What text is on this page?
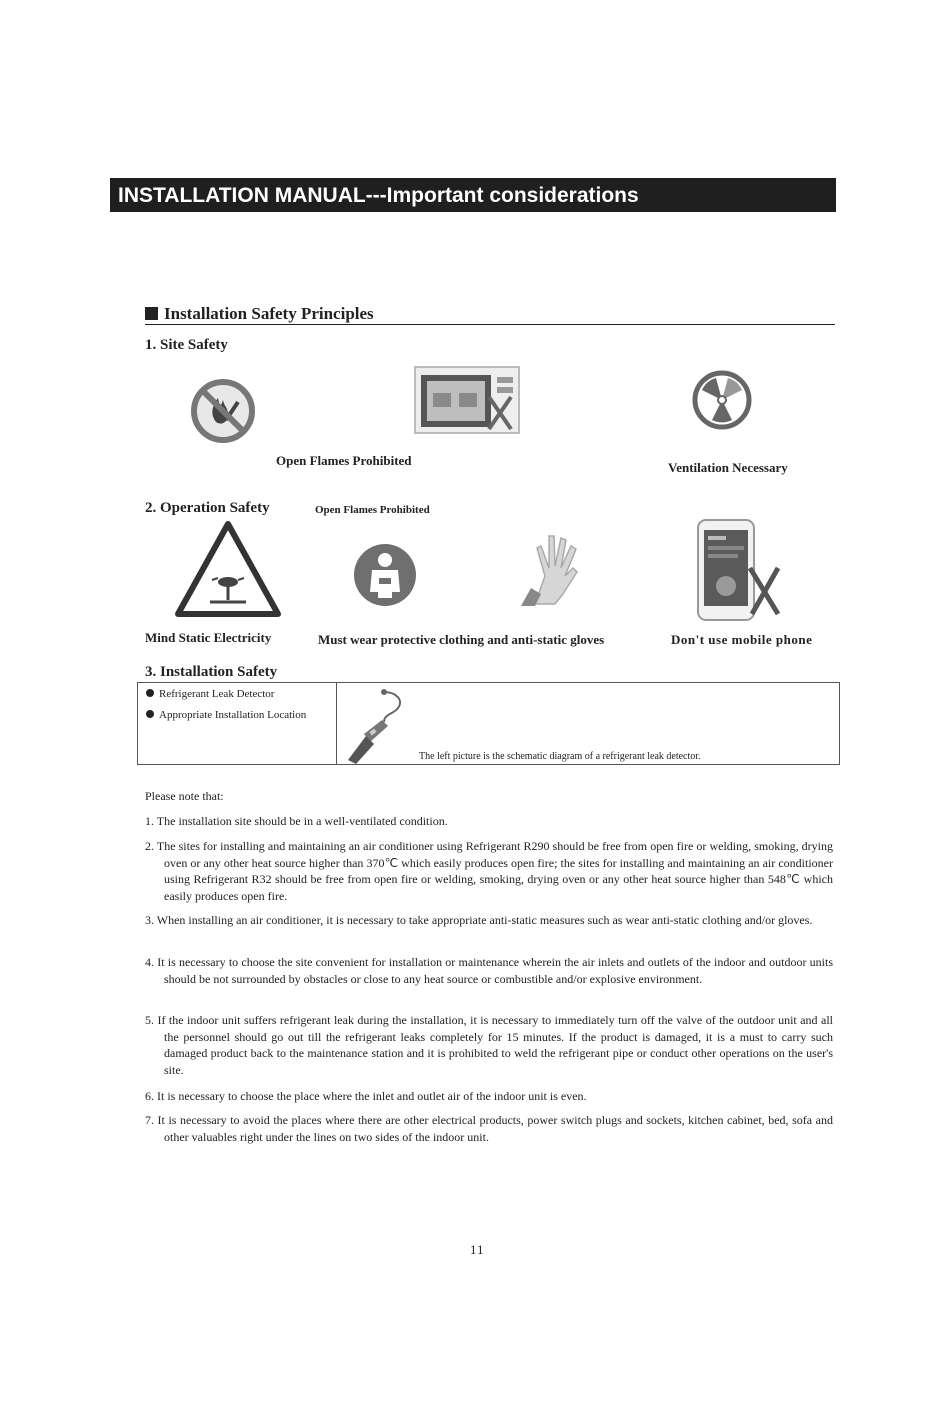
INSTALLATION MANUAL---Important considerations
Installation Safety Principles
1. Site Safety
Open Flames Prohibited	Ventilation Necessary
2. Operation Safety	Open Flames Prohibited
Mind Static Electricity	Must wear protective clothing and anti-static gloves	Don't use mobile phone
3. Installation Safety
Refrigerant Leak Detector
Appropriate Installation Location
The left picture is the schematic diagram of a refrigerant leak detector.
Please note that:
1. The installation site should be in a well-ventilated condition.
2. The sites for installing and maintaining an air conditioner using Refrigerant R290 should be free from open fire or welding, smoking, drying oven or any other heat source higher than 370℃ which easily produces open fire; the sites for installing and maintaining an air conditioner using Refrigerant R32 should be free from open fire or welding, smoking, drying oven or any other heat source higher than 548℃ which easily produces open fire.
3. When installing an air conditioner, it is necessary to take appropriate anti-static measures such as wear anti-static clothing and/or gloves.
4. It is necessary to choose the site convenient for installation or maintenance wherein the air inlets and outlets of the indoor and outdoor units should be not surrounded by obstacles or close to any heat source or combustible and/or explosive environment.
5. If the indoor unit suffers refrigerant leak during the installation, it is necessary to immediately turn off the valve of the outdoor unit and all the personnel should go out till the refrigerant leaks completely for 15 minutes. If the product is damaged, it is a must to carry such damaged product back to the maintenance station and it is prohibited to weld the refrigerant pipe or conduct other operations on the user's site.
6. It is necessary to choose the place where the inlet and outlet air of the indoor unit is even.
7. It is necessary to avoid the places where there are other electrical products, power switch plugs and sockets, kitchen cabinet, bed, sofa and other valuables right under the lines on two sides of the indoor unit.
11
